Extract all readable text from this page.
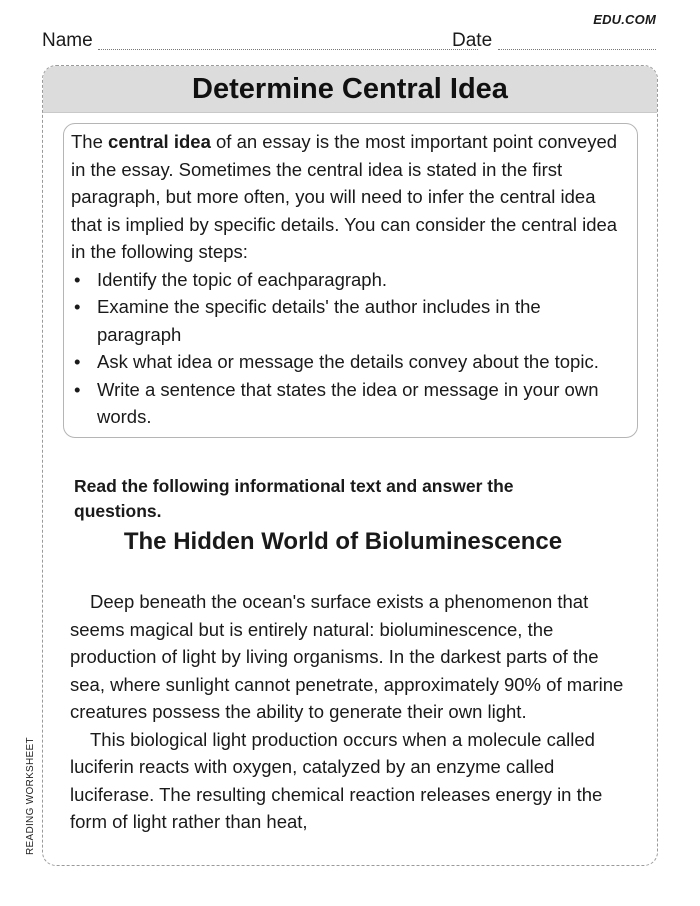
EDU.COM
Name	Date
Determine Central Idea

The central idea of an essay is the most important point conveyed in the essay. Sometimes the central idea is stated in the first paragraph, but more often, you will need to infer the central idea that is implied by specific details. You can consider the central idea in the following steps:

• Identify the topic of eachparagraph.
• Examine the specific details' the author includes in the paragraph
• Ask what idea or message the details convey about the topic.
• Write a sentence that states the idea or message in your own words.
Read the following informational text and answer the questions.
The Hidden World of Bioluminescence

Deep beneath the ocean's surface exists a phenomenon that seems magical but is entirely natural: bioluminescence, the production of light by living organisms. In the darkest parts of the sea, where sunlight cannot penetrate, approximately 90% of marine creatures possess the ability to generate their own light.

This biological light production occurs when a molecule called luciferin reacts with oxygen, catalyzed by an enzyme called luciferase. The resulting chemical reaction releases energy in the form of light rather than heat,

READING WORKSHEET
